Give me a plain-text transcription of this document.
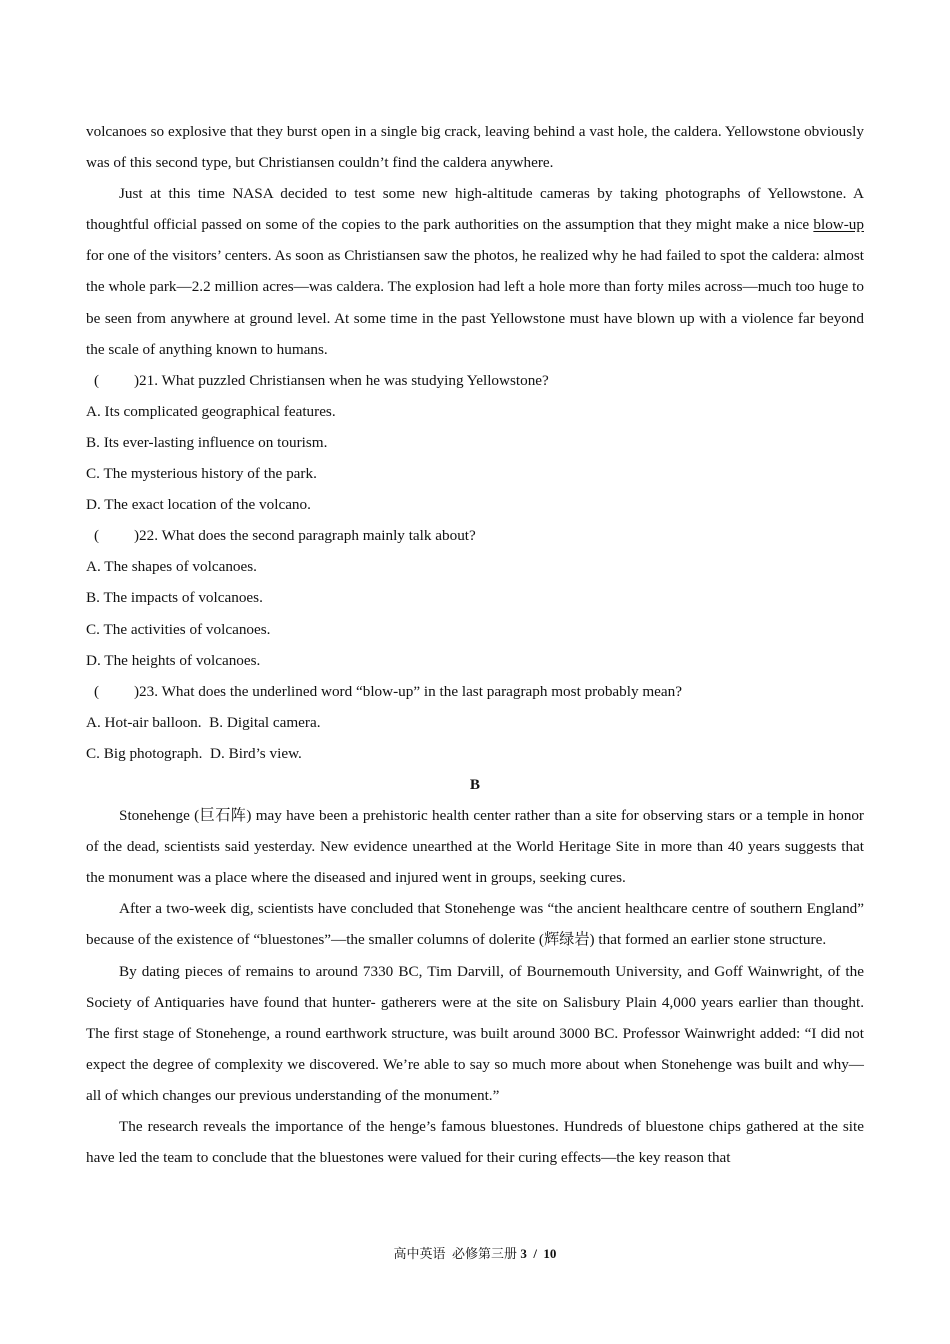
volcanoes so explosive that they burst open in a single big crack, leaving behind a vast hole, the caldera. Yellowstone obviously was of this second type, but Christiansen couldn’t find the caldera anywhere.

Just at this time NASA decided to test some new high-altitude cameras by taking photographs of Yellowstone. A thoughtful official passed on some of the copies to the park authorities on the assumption that they might make a nice blow-up for one of the visitors’ centers. As soon as Christiansen saw the photos, he realized why he had failed to spot the caldera: almost the whole park—2.2 million acres—was caldera. The explosion had left a hole more than forty miles across—much too huge to be seen from anywhere at ground level. At some time in the past Yellowstone must have blown up with a violence far beyond the scale of anything known to humans.

( )21. What puzzled Christiansen when he was studying Yellowstone?

A. Its complicated geographical features.

B. Its ever-lasting influence on tourism.

C. The mysterious history of the park.

D. The exact location of the volcano.

( )22. What does the second paragraph mainly talk about?

A. The shapes of volcanoes.

B. The impacts of volcanoes.

C. The activities of volcanoes.

D. The heights of volcanoes.

( )23. What does the underlined word “blow-up” in the last paragraph most probably mean?

A. Hot-air balloon.  B. Digital camera.

C. Big photograph.  D. Bird’s view.

B

Stonehenge (巨石阵) may have been a prehistoric health center rather than a site for observing stars or a temple in honor of the dead, scientists said yesterday. New evidence unearthed at the World Heritage Site in more than 40 years suggests that the monument was a place where the diseased and injured went in groups, seeking cures.

After a two-week dig, scientists have concluded that Stonehenge was “the ancient healthcare centre of southern England” because of the existence of “bluestones”—the smaller columns of dolerite (辉绿岩) that formed an earlier stone structure.

By dating pieces of remains to around 7330 BC, Tim Darvill, of Bournemouth University, and Goff Wainwright, of the Society of Antiquaries have found that hunter- gatherers were at the site on Salisbury Plain 4,000 years earlier than thought. The first stage of Stonehenge, a round earthwork structure, was built around 3000 BC. Professor Wainwright added: “I did not expect the degree of complexity we discovered. We’re able to say so much more about when Stonehenge was built and why—all of which changes our previous understanding of the monument.”

The research reveals the importance of the henge’s famous bluestones. Hundreds of bluestone chips gathered at the site have led the team to conclude that the bluestones were valued for their curing effects—the key reason that

高中英语  必修第三册 3  /  10
